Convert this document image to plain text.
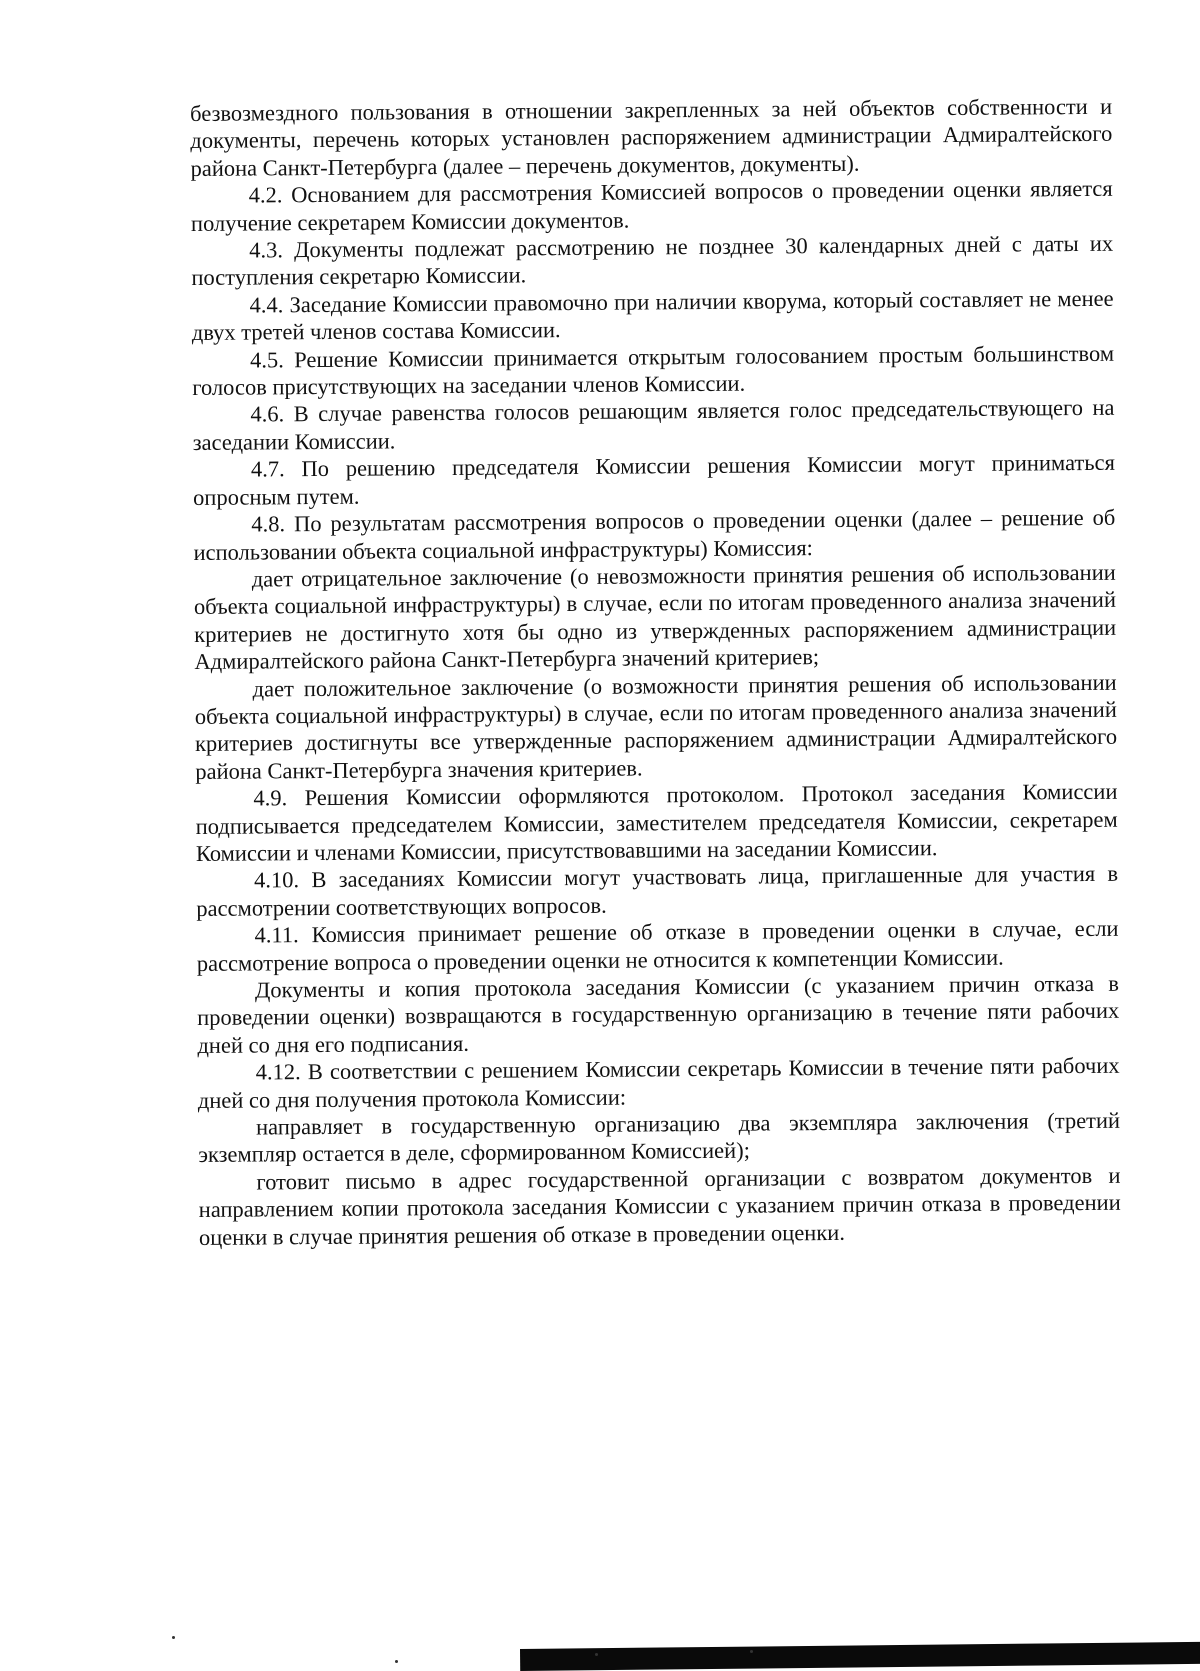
безвозмездного пользования в отношении закрепленных за ней объектов собственности и документы, перечень которых установлен распоряжением администрации Адмиралтейского района Санкт-Петербурга (далее – перечень документов, документы).

4.2. Основанием для рассмотрения Комиссией вопросов о проведении оценки является получение секретарем Комиссии документов.

4.3. Документы подлежат рассмотрению не позднее 30 календарных дней с даты их поступления секретарю Комиссии.

4.4. Заседание Комиссии правомочно при наличии кворума, который составляет не менее двух третей членов состава Комиссии.

4.5. Решение Комиссии принимается открытым голосованием простым большинством голосов присутствующих на заседании членов Комиссии.

4.6. В случае равенства голосов решающим является голос председательствующего на заседании Комиссии.

4.7. По решению председателя Комиссии решения Комиссии могут приниматься опросным путем.

4.8. По результатам рассмотрения вопросов о проведении оценки (далее – решение об использовании объекта социальной инфраструктуры) Комиссия:

дает отрицательное заключение (о невозможности принятия решения об использовании объекта социальной инфраструктуры) в случае, если по итогам проведенного анализа значений критериев не достигнуто хотя бы одно из утвержденных распоряжением администрации Адмиралтейского района Санкт-Петербурга значений критериев;

дает положительное заключение (о возможности принятия решения об использовании объекта социальной инфраструктуры) в случае, если по итогам проведенного анализа значений критериев достигнуты все утвержденные распоряжением администрации Адмиралтейского района Санкт-Петербурга значения критериев.

4.9. Решения Комиссии оформляются протоколом. Протокол заседания Комиссии подписывается председателем Комиссии, заместителем председателя Комиссии, секретарем Комиссии и членами Комиссии, присутствовавшими на заседании Комиссии.

4.10. В заседаниях Комиссии могут участвовать лица, приглашенные для участия в рассмотрении соответствующих вопросов.

4.11. Комиссия принимает решение об отказе в проведении оценки в случае, если рассмотрение вопроса о проведении оценки не относится к компетенции Комиссии.

Документы и копия протокола заседания Комиссии (с указанием причин отказа в проведении оценки) возвращаются в государственную организацию в течение пяти рабочих дней со дня его подписания.

4.12. В соответствии с решением Комиссии секретарь Комиссии в течение пяти рабочих дней со дня получения протокола Комиссии:

направляет в государственную организацию два экземпляра заключения (третий экземпляр остается в деле, сформированном Комиссией);

готовит письмо в адрес государственной организации с возвратом документов и направлением копии протокола заседания Комиссии с указанием причин отказа в проведении оценки в случае принятия решения об отказе в проведении оценки.
